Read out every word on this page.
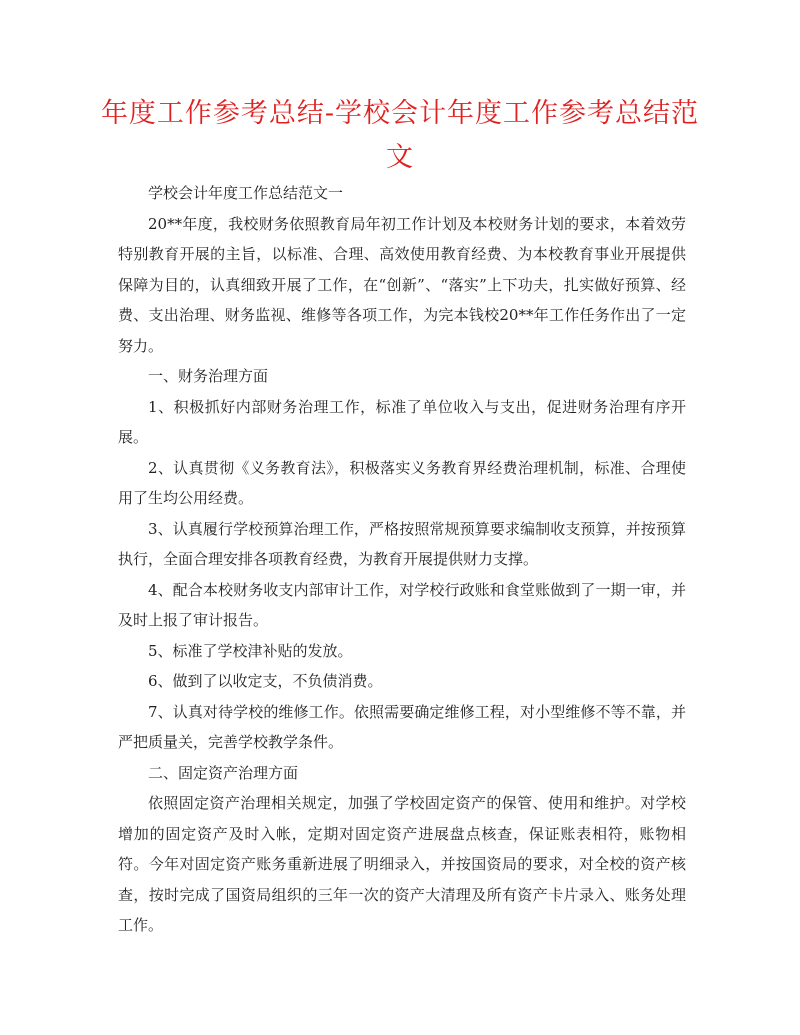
年度工作参考总结-学校会计年度工作参考总结范文

学校会计年度工作总结范文一

20**年度，我校财务依照教育局年初工作计划及本校财务计划的要求，本着效劳特别教育开展的主旨，以标准、合理、高效使用教育经费、为本校教育事业开展提供保障为目的，认真细致开展了工作，在“创新”、“落实”上下功夫，扎实做好预算、经费、支出治理、财务监视、维修等各项工作，为完本钱校20**年工作任务作出了一定努力。

一、财务治理方面

1、积极抓好内部财务治理工作，标准了单位收入与支出，促进财务治理有序开展。

2、认真贯彻《义务教育法》，积极落实义务教育界经费治理机制，标准、合理使用了生均公用经费。

3、认真履行学校预算治理工作，严格按照常规预算要求编制收支预算，并按预算执行，全面合理安排各项教育经费，为教育开展提供财力支撑。

4、配合本校财务收支内部审计工作，对学校行政账和食堂账做到了一期一审，并及时上报了审计报告。

5、标准了学校津补贴的发放。

6、做到了以收定支，不负债消费。

7、认真对待学校的维修工作。依照需要确定维修工程，对小型维修不等不靠，并严把质量关，完善学校教学条件。

二、固定资产治理方面

依照固定资产治理相关规定，加强了学校固定资产的保管、使用和维护。对学校增加的固定资产及时入帐，定期对固定资产进展盘点核查，保证账表相符，账物相符。今年对固定资产账务重新进展了明细录入，并按国资局的要求，对全校的资产核查，按时完成了国资局组织的三年一次的资产大清理及所有资产卡片录入、账务处理工作。
